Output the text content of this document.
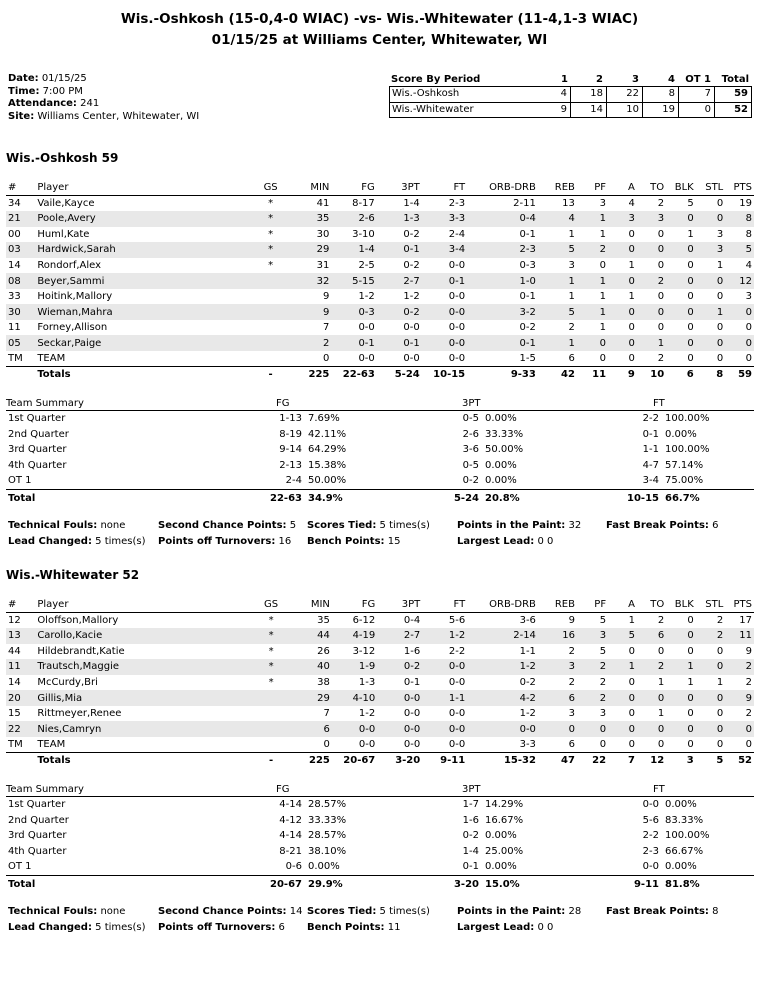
Wis.-Oshkosh (15-0,4-0 WIAC) -vs- Wis.-Whitewater (11-4,1-3 WIAC)
01/15/25 at Williams Center, Whitewater, WI
Date: 01/15/25
Time: 7:00 PM
Attendance: 241
Site: Williams Center, Whitewater, WI
Score By Period	1	2	3	4	OT 1 Total
Wis.-Oshkosh	4	18	22	8	7	59
Wis.-Whitewater	9	14	10	19	0	52
Wis.-Oshkosh 59
#	Player	GS	MIN	FG	3PT	FT	ORB-DRB	REB	PF	A	TO	BLK	STL	PTS
34	Vaile,Kayce	*	41	8-17	1-4	2-3	2-11	13	3	4	2	5	0	19
21	Poole,Avery	*	35	2-6	1-3	3-3	0-4	4	1	3	3	0	0	8
00	Huml,Kate	*	30	3-10	0-2	2-4	0-1	1	1	0	0	1	3	8
03	Hardwick,Sarah	*	29	1-4	0-1	3-4	2-3	5	2	0	0	0	3	5
14	Rondorf,Alex	*	31	2-5	0-2	0-0	0-3	3	0	1	0	0	1	4
08	Beyer,Sammi		32	5-15	2-7	0-1	1-0	1	1	0	2	0	0	12
33	Hoitink,Mallory		9	1-2	1-2	0-0	0-1	1	1	1	0	0	0	3
30	Wieman,Mahra		9	0-3	0-2	0-0	3-2	5	1	0	0	0	1	0
11	Forney,Allison		7	0-0	0-0	0-0	0-2	2	1	0	0	0	0	0
05	Seckar,Paige		2	0-1	0-1	0-0	0-1	1	0	0	1	0	0	0
TM	TEAM		0	0-0	0-0	0-0	1-5	6	0	0	2	0	0	0
	Totals	-	225	22-63	5-24	10-15	9-33	42	11	9	10	6	8	59
Team Summary	FG	3PT	FT
1st Quarter	1-13 7.69%	0-5 0.00%	2-2 100.00%
2nd Quarter	8-19 42.11%	2-6 33.33%	0-1 0.00%
3rd Quarter	9-14 64.29%	3-6 50.00%	1-1 100.00%
4th Quarter	2-13 15.38%	0-5 0.00%	4-7 57.14%
OT 1	2-4 50.00%	0-2 0.00%	3-4 75.00%
Total	22-63 34.9%	5-24 20.8%	10-15 66.7%
Technical Fouls: none	Second Chance Points: 5 Scores Tied: 5 times(s)	Points in the Paint: 32 Fast Break Points: 6
Lead Changed: 5 times(s) Points off Turnovers: 16 Bench Points: 15	Largest Lead: 0 0
Wis.-Whitewater 52
#	Player	GS	MIN	FG	3PT	FT	ORB-DRB	REB	PF	A	TO	BLK	STL	PTS
12	Oloffson,Mallory	*	35	6-12	0-4	5-6	3-6	9	5	1	2	0	2	17
13	Carollo,Kacie	*	44	4-19	2-7	1-2	2-14	16	3	5	6	0	2	11
44	Hildebrandt,Katie	*	26	3-12	1-6	2-2	1-1	2	5	0	0	0	0	9
11	Trautsch,Maggie	*	40	1-9	0-2	0-0	1-2	3	2	1	2	1	0	2
14	McCurdy,Bri	*	38	1-3	0-1	0-0	0-2	2	2	0	1	1	1	2
20	Gillis,Mia		29	4-10	0-0	1-1	4-2	6	2	0	0	0	0	9
15	Rittmeyer,Renee		7	1-2	0-0	0-0	1-2	3	3	0	1	0	0	2
22	Nies,Camryn		6	0-0	0-0	0-0	0-0	0	0	0	0	0	0	0
TM	TEAM		0	0-0	0-0	0-0	3-3	6	0	0	0	0	0	0
	Totals	-	225	20-67	3-20	9-11	15-32	47	22	7	12	3	5	52
Team Summary	FG	3PT	FT
1st Quarter	4-14 28.57%	1-7 14.29%	0-0 0.00%
2nd Quarter	4-12 33.33%	1-6 16.67%	5-6 83.33%
3rd Quarter	4-14 28.57%	0-2 0.00%	2-2 100.00%
4th Quarter	8-21 38.10%	1-4 25.00%	2-3 66.67%
OT 1	0-6 0.00%	0-1 0.00%	0-0 0.00%
Total	20-67 29.9%	3-20 15.0%	9-11 81.8%
Technical Fouls: none	Second Chance Points: 14 Scores Tied: 5 times(s)	Points in the Paint: 28 Fast Break Points: 8
Lead Changed: 5 times(s) Points off Turnovers: 6 Bench Points: 11	Largest Lead: 0 0
